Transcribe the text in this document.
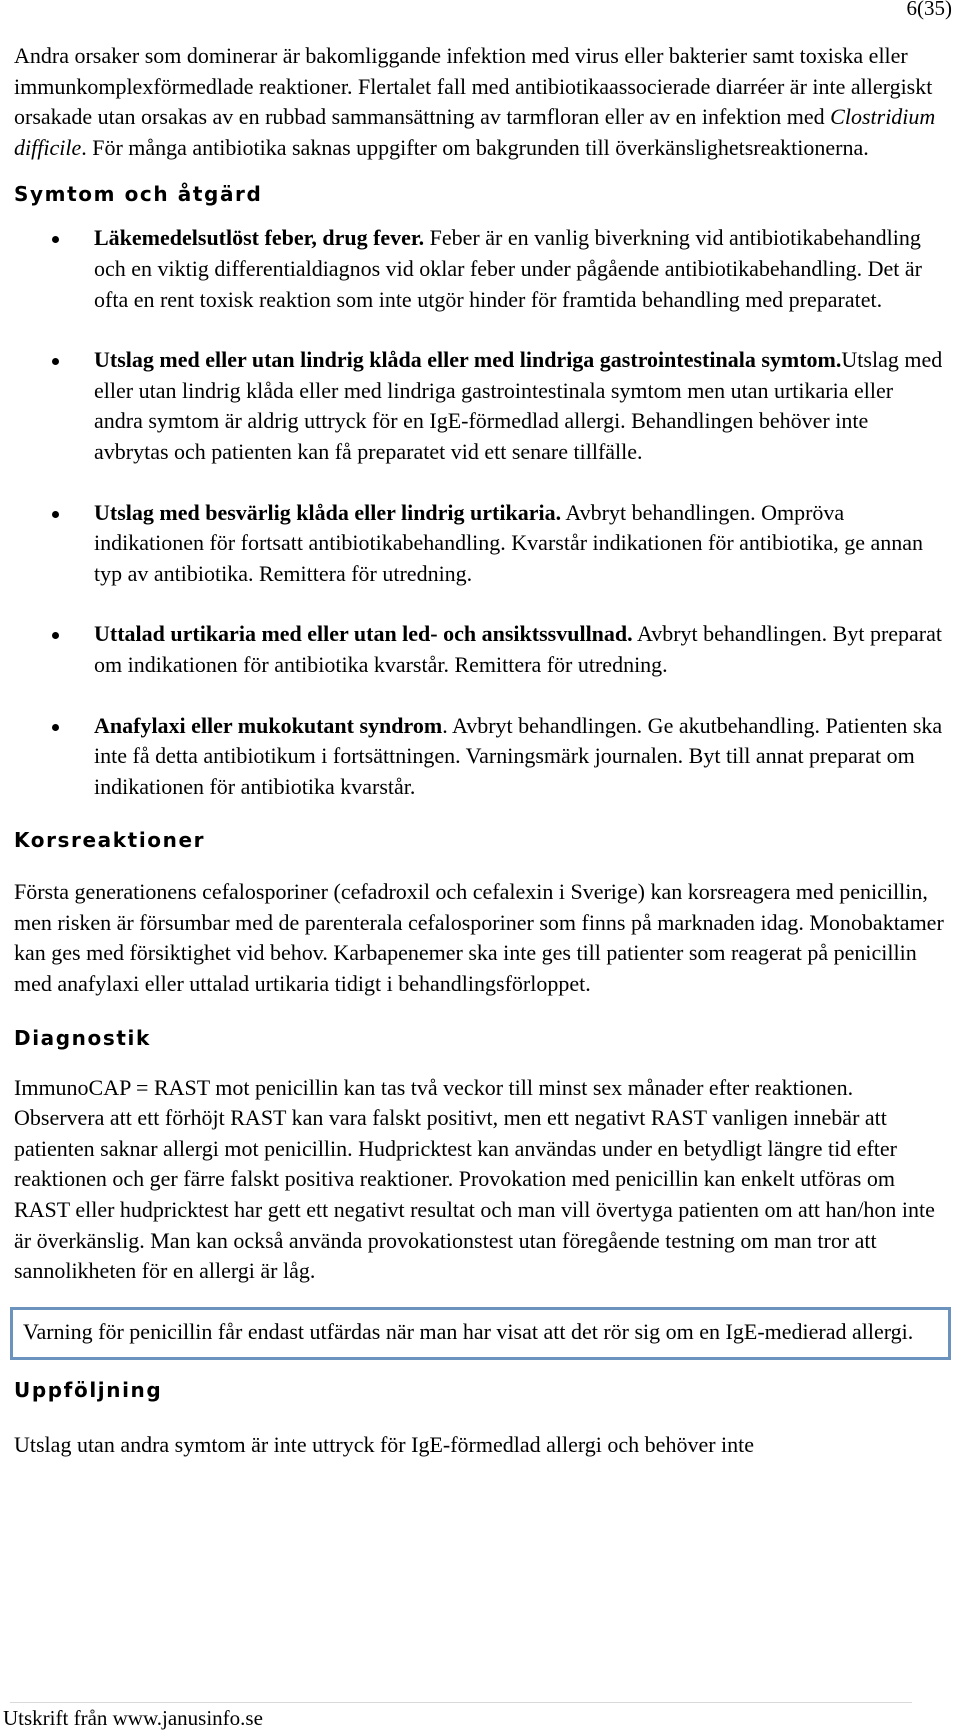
6(35)

Andra orsaker som dominerar är bakomliggande infektion med virus eller bakterier samt toxiska eller immunkomplexförmedlade reaktioner. Flertalet fall med antibiotikaassocierade diarréer är inte allergiskt orsakade utan orsakas av en rubbad sammansättning av tarmfloran eller av en infektion med Clostridium difficile. För många antibiotika saknas uppgifter om bakgrunden till överkänslighetsreaktionerna.

Symtom och åtgärd
Läkemedelsutlöst feber, drug fever. Feber är en vanlig biverkning vid antibiotikabehandling och en viktig differentialdiagnos vid oklar feber under pågående antibiotikabehandling. Det är ofta en rent toxisk reaktion som inte utgör hinder för framtida behandling med preparatet.
Utslag med eller utan lindrig klåda eller med lindriga gastrointestinala symtom.Utslag med eller utan lindrig klåda eller med lindriga gastrointestinala symtom men utan urtikaria eller andra symtom är aldrig uttryck för en IgE-förmedlad allergi. Behandlingen behöver inte avbrytas och patienten kan få preparatet vid ett senare tillfälle.
Utslag med besvärlig klåda eller lindrig urtikaria. Avbryt behandlingen. Ompröva indikationen för fortsatt antibiotikabehandling. Kvarstår indikationen för antibiotika, ge annan typ av antibiotika. Remittera för utredning.
Uttalad urtikaria med eller utan led- och ansiktssvullnad. Avbryt behandlingen. Byt preparat om indikationen för antibiotika kvarstår. Remittera för utredning.
Anafylaxi eller mukokutant syndrom. Avbryt behandlingen. Ge akutbehandling. Patienten ska inte få detta antibiotikum i fortsättningen. Varningsmärk journalen. Byt till annat preparat om indikationen för antibiotika kvarstår.
Korsreaktioner

Första generationens cefalosporiner (cefadroxil och cefalexin i Sverige) kan korsreagera med penicillin, men risken är försumbar med de parenterala cefalosporiner som finns på marknaden idag. Monobaktamer kan ges med försiktighet vid behov. Karbapenemer ska inte ges till patienter som reagerat på penicillin med anafylaxi eller uttalad urtikaria tidigt i behandlingsförloppet.

Diagnostik

ImmunoCAP = RAST mot penicillin kan tas två veckor till minst sex månader efter reaktionen. Observera att ett förhöjt RAST kan vara falskt positivt, men ett negativt RAST vanligen innebär att patienten saknar allergi mot penicillin. Hudpricktest kan användas under en betydligt längre tid efter reaktionen och ger färre falskt positiva reaktioner. Provokation med penicillin kan enkelt utföras om RAST eller hudpricktest har gett ett negativt resultat och man vill övertyga patienten om att han/hon inte är överkänslig. Man kan också använda provokationstest utan föregående testning om man tror att sannolikheten för en allergi är låg.

Varning för penicillin får endast utfärdas när man har visat att det rör sig om en IgE-medierad allergi.
Uppföljning

Utslag utan andra symtom är inte uttryck för IgE-förmedlad allergi och behöver inte

Utskrift från www.janusinfo.se
